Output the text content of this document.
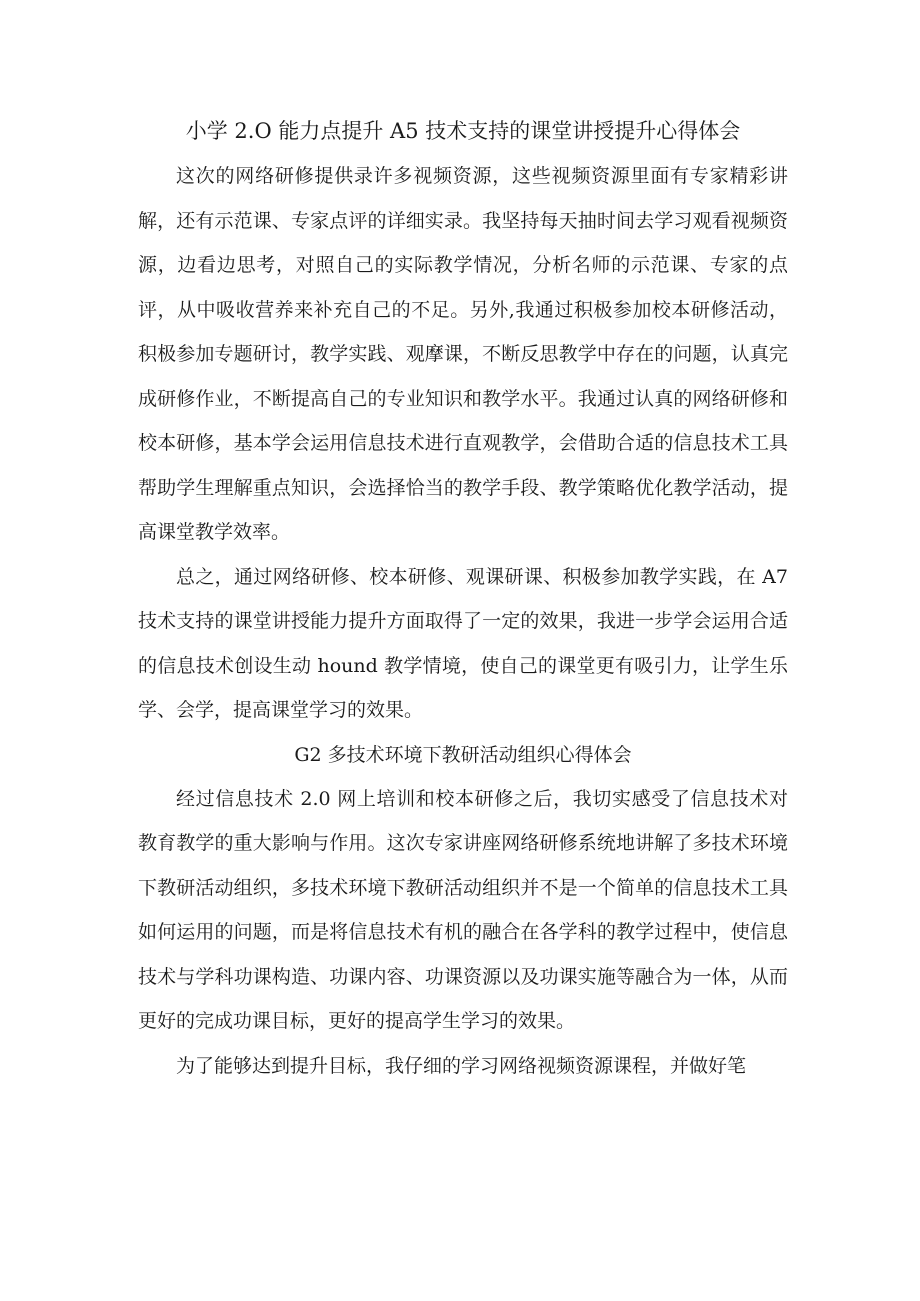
小学 2.O 能力点提升 A5 技术支持的课堂讲授提升心得体会

这次的网络研修提供录许多视频资源，这些视频资源里面有专家精彩讲解，还有示范课、专家点评的详细实录。我坚持每天抽时间去学习观看视频资源，边看边思考，对照自己的实际教学情况，分析名师的示范课、专家的点评，从中吸收营养来补充自己的不足。另外,我通过积极参加校本研修活动，积极参加专题研讨，教学实践、观摩课，不断反思教学中存在的问题，认真完成研修作业，不断提高自己的专业知识和教学水平。我通过认真的网络研修和校本研修，基本学会运用信息技术进行直观教学，会借助合适的信息技术工具帮助学生理解重点知识，会选择恰当的教学手段、教学策略优化教学活动，提高课堂教学效率。

总之，通过网络研修、校本研修、观课研课、积极参加教学实践，在 A7 技术支持的课堂讲授能力提升方面取得了一定的效果，我进一步学会运用合适的信息技术创设生动 hound 教学情境，使自己的课堂更有吸引力，让学生乐学、会学，提高课堂学习的效果。

G2 多技术环境下教研活动组织心得体会

经过信息技术 2.0 网上培训和校本研修之后，我切实感受了信息技术对教育教学的重大影响与作用。这次专家讲座网络研修系统地讲解了多技术环境下教研活动组织，多技术环境下教研活动组织并不是一个简单的信息技术工具如何运用的问题，而是将信息技术有机的融合在各学科的教学过程中，使信息技术与学科功课构造、功课内容、功课资源以及功课实施等融合为一体，从而更好的完成功课目标，更好的提高学生学习的效果。

为了能够达到提升目标，我仔细的学习网络视频资源课程，并做好笔
